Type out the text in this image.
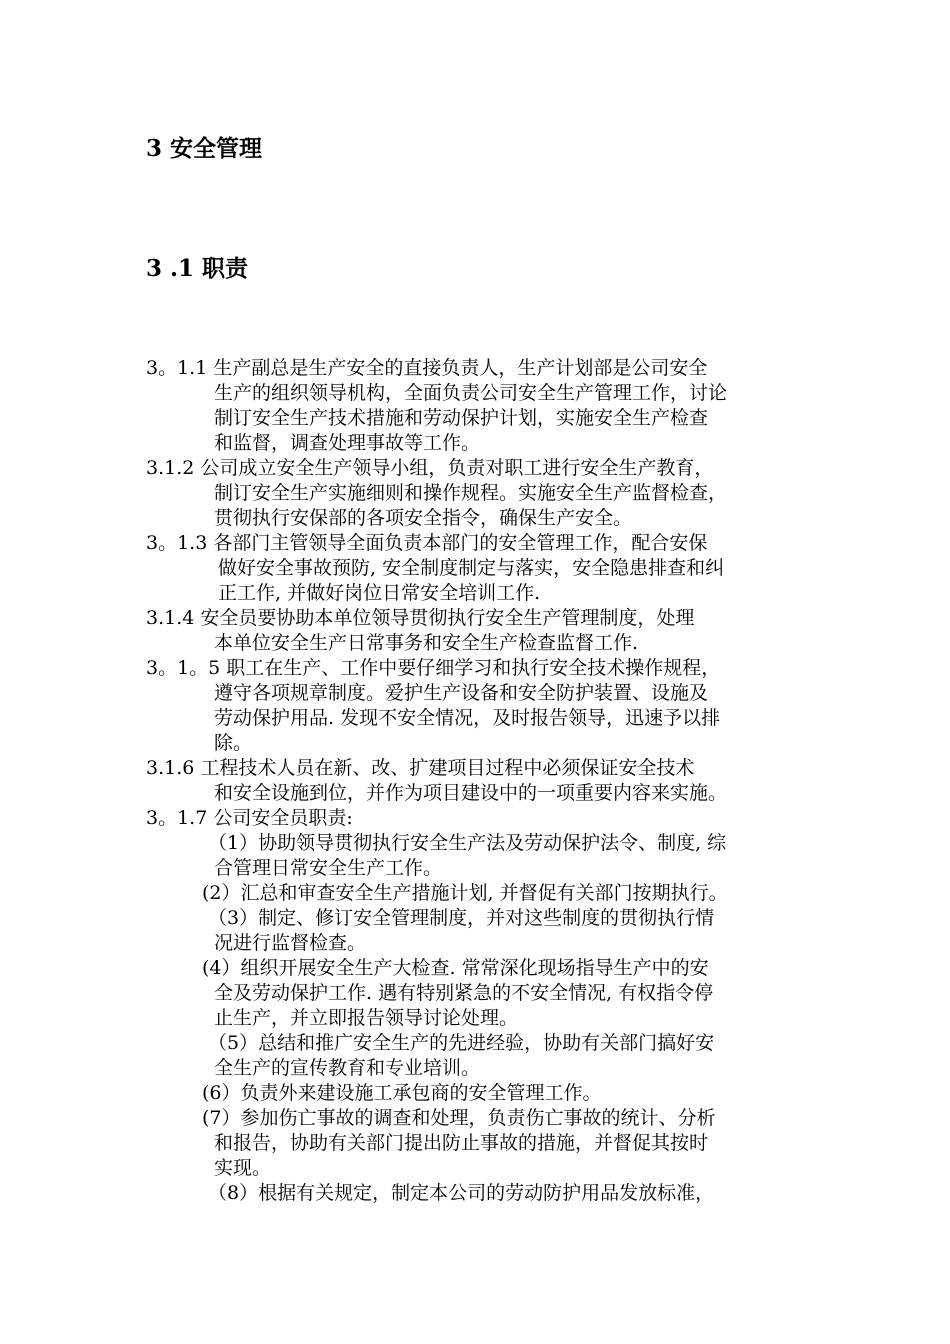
3 安全管理
3 .1 职责
3。1.1 生产副总是生产安全的直接负责人，生产计划部是公司安全
生产的组织领导机构，全面负责公司安全生产管理工作，讨论
制订安全生产技术措施和劳动保护计划，实施安全生产检查
和监督，调查处理事故等工作。
3.1.2 公司成立安全生产领导小组，负责对职工进行安全生产教育，
制订安全生产实施细则和操作规程。实施安全生产监督检查，
贯彻执行安保部的各项安全指令，确保生产安全。
3。1.3 各部门主管领导全面负责本部门的安全管理工作，配合安保
做好安全事故预防, 安全制度制定与落实，安全隐患排查和纠
正工作, 并做好岗位日常安全培训工作.
3.1.4 安全员要协助本单位领导贯彻执行安全生产管理制度，处理
本单位安全生产日常事务和安全生产检查监督工作.
3。1。5 职工在生产、工作中要仔细学习和执行安全技术操作规程，
遵守各项规章制度。爱护生产设备和安全防护装置、设施及
劳动保护用品. 发现不安全情况，及时报告领导，迅速予以排
除。
3.1.6 工程技术人员在新、改、扩建项目过程中必须保证安全技术
和安全设施到位，并作为项目建设中的一项重要内容来实施。
3。1.7 公司安全员职责:
（1）协助领导贯彻执行安全生产法及劳动保护法令、制度, 综
合管理日常安全生产工作。
(2）汇总和审查安全生产措施计划, 并督促有关部门按期执行。
（3）制定、修订安全管理制度，并对这些制度的贯彻执行情
况进行监督检查。
(4）组织开展安全生产大检查. 常常深化现场指导生产中的安
全及劳动保护工作. 遇有特别紧急的不安全情况, 有权指令停
止生产，并立即报告领导讨论处理。
（5）总结和推广安全生产的先进经验，协助有关部门搞好安
全生产的宣传教育和专业培训。
(6）负责外来建设施工承包商的安全管理工作。
(7）参加伤亡事故的调查和处理，负责伤亡事故的统计、分析
和报告，协助有关部门提出防止事故的措施，并督促其按时
实现。
（8）根据有关规定，制定本公司的劳动防护用品发放标准，
